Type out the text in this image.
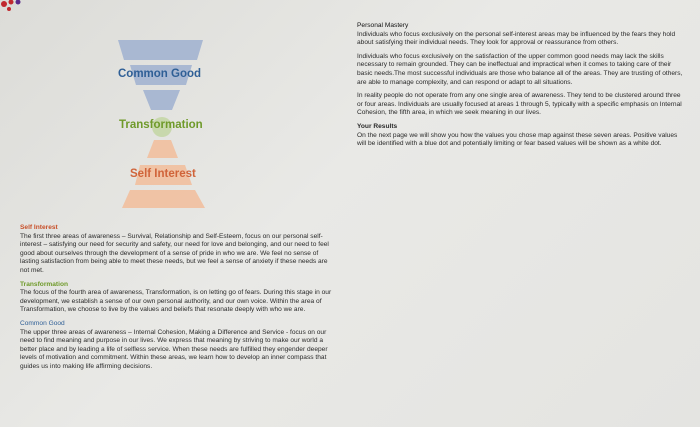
Common Good
Transformation
Self Interest

Self Interest
The first three areas of awareness – Survival, Relationship and Self-Esteem, focus on our personal self-interest – satisfying our need for security and safety, our need for love and belonging, and our need to feel good about ourselves through the development of a sense of pride in who we are. We feel no sense of lasting satisfaction from being able to meet these needs, but we feel a sense of anxiety if these needs are not met.

Transformation
The focus of the fourth area of awareness, Transformation, is on letting go of fears. During this stage in our development, we establish a sense of our own personal authority, and our own voice. Within the area of Transformation, we choose to live by the values and beliefs that resonate deeply with who we are.

Common Good
The upper three areas of awareness – Internal Cohesion, Making a Difference and Service - focus on our need to find meaning and purpose in our lives. We express that meaning by striving to make our world a better place and by leading a life of selfless service. When these needs are fulfilled they engender deeper levels of motivation and commitment. Within these areas, we learn how to develop an inner compass that guides us into making life affirming decisions.

Personal Mastery
Individuals who focus exclusively on the personal self-interest areas may be influenced by the fears they hold about satisfying their individual needs. They look for approval or reassurance from others.

Individuals who focus exclusively on the satisfaction of the upper common good needs may lack the skills necessary to remain grounded. They can be ineffectual and impractical when it comes to taking care of their basic needs.The most successful individuals are those who balance all of the areas. They are trusting of others, are able to manage complexity, and can respond or adapt to all situations.

In reality people do not operate from any one single area of awareness. They tend to be clustered around three or four areas. Individuals are usually focused at areas 1 through 5, typically with a specific emphasis on Internal Cohesion, the fifth area, in which we seek meaning in our lives.

Your Results
On the next page we will show you how the values you chose map against these seven areas. Positive values will be identified with a blue dot and potentially limiting or fear based values will be shown as a white dot.
